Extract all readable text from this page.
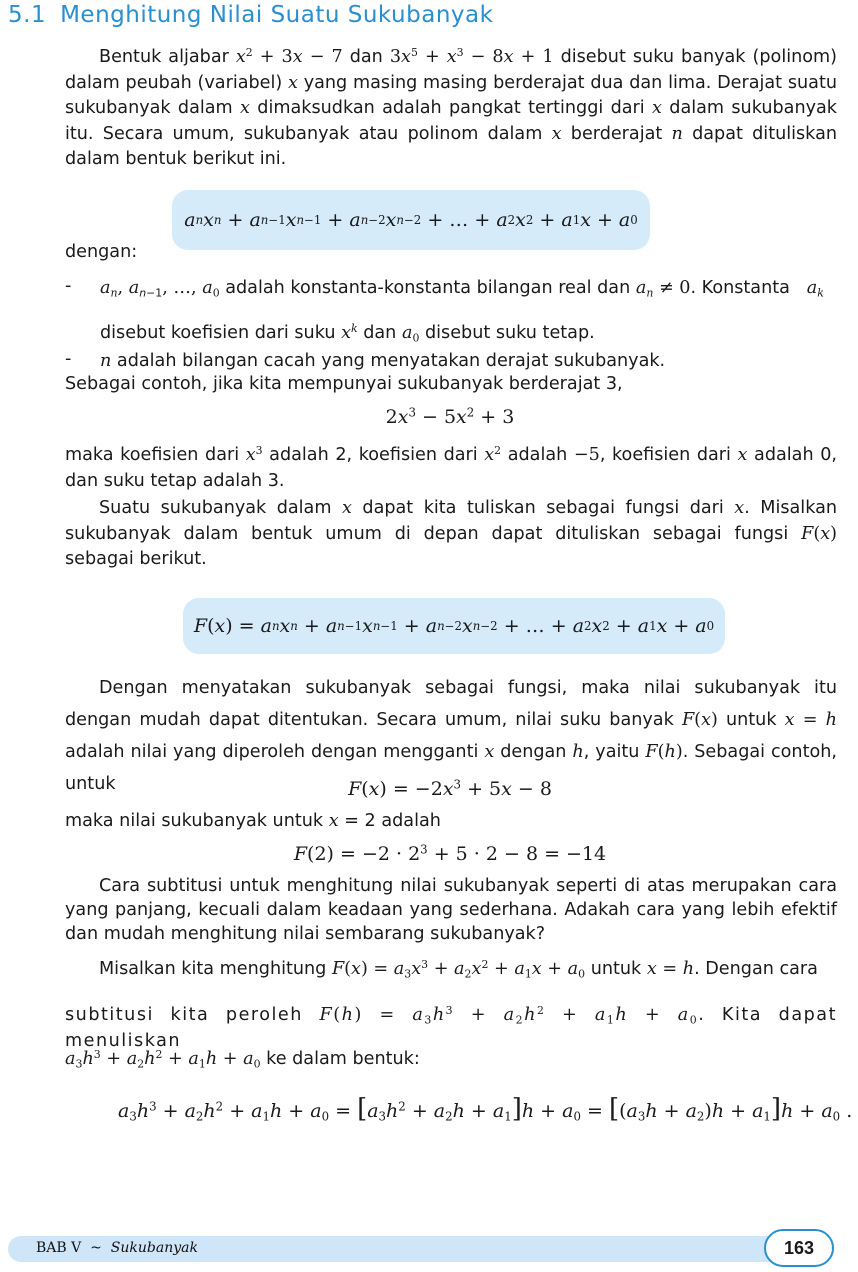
5.1 Menghitung Nilai Suatu Sukubanyak
Bentuk aljabar $x^2 + 3x - 7$ dan $3x^5 + x^3 - 8x + 1$ disebut suku banyak (polinom) dalam peubah (variabel) x yang masing masing berderajat dua dan lima. Derajat suatu sukubanyak dalam x dimaksudkan adalah pangkat tertinggi dari x dalam sukubanyak itu. Secara umum, sukubanyak atau polinom dalam x berderajat n dapat dituliskan dalam bentuk berikut ini.
a n x n + a n −1 x n−1 + a n−2 x n−2 + … + a 2 x 2 + a 1 x + a 0
dengan:
- $a_n$, $a_{n-1}$, …, $a_0$ adalah konstanta-konstanta bilangan real dan $a_n \ne 0$. Konstanta   $a_k$
disebut koefisien dari suku $x^k$ dan $a_0$ disebut suku tetap.
- n adalah bilangan cacah yang menyatakan derajat sukubanyak.
Sebagai contoh, jika kita mempunyai sukubanyak berderajat 3,
$2x^3 - 5x^2 + 3$
maka koefisien dari $x^3$ adalah 2, koefisien dari $x^2$ adalah −5, koefisien dari x adalah 0, dan suku tetap adalah 3.
Suatu sukubanyak dalam x dapat kita tuliskan sebagai fungsi dari x. Misalkan sukubanyak dalam bentuk umum di depan dapat dituliskan sebagai fungsi F(x) sebagai berikut.
F ( x ) = a n x n + a n−1 x n−1 + a n−2 x n−2 + … + a 2 x 2 + a 1 x + a 0
Dengan menyatakan sukubanyak sebagai fungsi, maka nilai sukubanyak itu dengan mudah dapat ditentukan. Secara umum, nilai suku banyak F(x) untuk x = h adalah nilai yang diperoleh dengan mengganti x dengan h, yaitu F(h). Sebagai contoh, untuk	$F(x) = -2x^3 + 5x - 8$
maka nilai sukubanyak untuk x = 2 adalah
$F(2) = -2 \cdot 2^3 + 5 \cdot 2 - 8 = -14$
Cara subtitusi untuk menghitung nilai sukubanyak seperti di atas merupakan cara yang panjang, kecuali dalam keadaan yang sederhana. Adakah cara yang lebih efektif dan mudah menghitung nilai sembarang sukubanyak?
Misalkan kita menghitung $F(x) = a_3x^3 + a_2x^2 + a_1x + a_0$ untuk x = h. Dengan cara
subtitusi kita peroleh $F(h) = a_3h^3 + a_2h^2 + a_1h + a_0$. Kita dapat menuliskan
$a_3h^3 + a_2h^2 + a_1h + a_0$ ke dalam bentuk:
$a_3h^3 + a_2h^2 + a_1h + a_0 = [a_3h^2 + a_2h + a_1]h + a_0 = [(a_3h + a_2)h + a_1]h + a_0$ .
BAB V ~ Sukubanyak	163
